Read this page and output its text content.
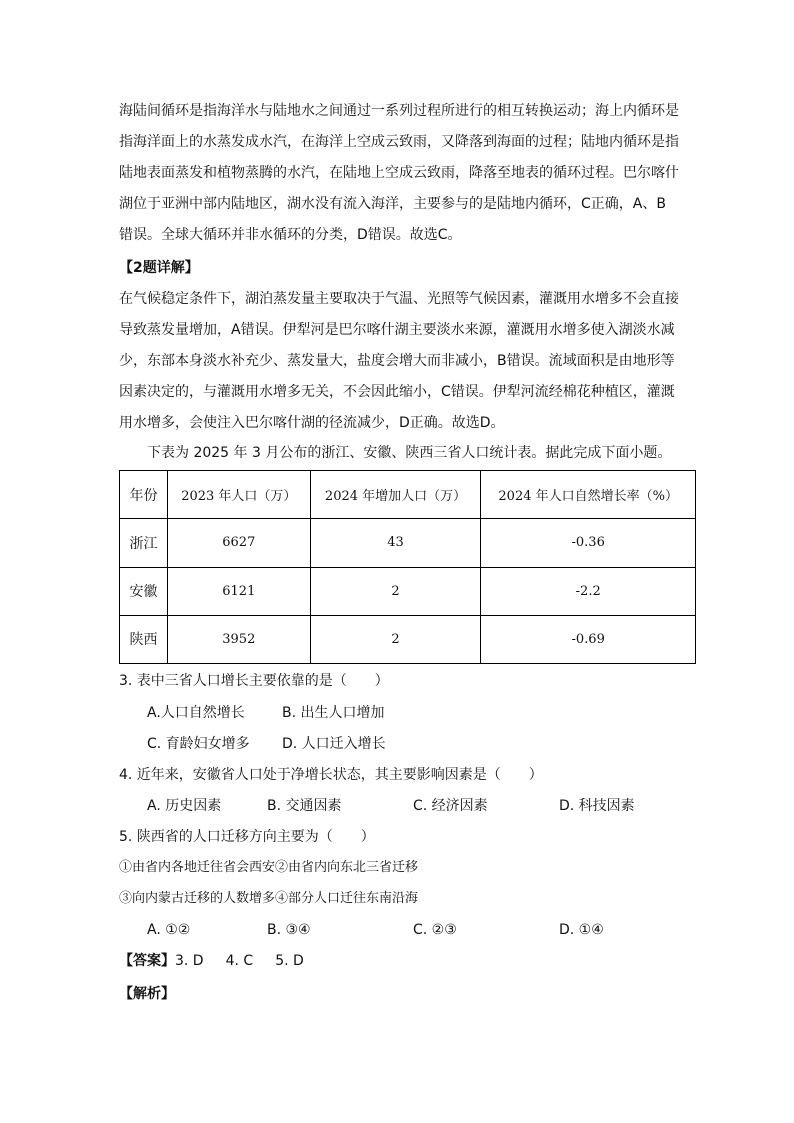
海陆间循环是指海洋水与陆地水之间通过一系列过程所进行的相互转换运动；海上内循环是指海洋面上的水蒸发成水汽，在海洋上空成云致雨，又降落到海面的过程；陆地内循环是指陆地表面蒸发和植物蒸腾的水汽，在陆地上空成云致雨，降落至地表的循环过程。巴尔喀什湖位于亚洲中部内陆地区，湖水没有流入海洋，主要参与的是陆地内循环，C正确，A、B错误。全球大循环并非水循环的分类，D错误。故选C。

【2题详解】

在气候稳定条件下，湖泊蒸发量主要取决于气温、光照等气候因素，灌溉用水增多不会直接导致蒸发量增加，A错误。伊犁河是巴尔喀什湖主要淡水来源，灌溉用水增多使入湖淡水减少，东部本身淡水补充少、蒸发量大，盐度会增大而非减小，B错误。流域面积是由地形等因素决定的，与灌溉用水增多无关，不会因此缩小，C错误。伊犁河流经棉花种植区，灌溉用水增多，会使注入巴尔喀什湖的径流减少，D正确。故选D。

下表为 2025 年 3 月公布的浙江、安徽、陕西三省人口统计表。据此完成下面小题。

年份	2023 年人口（万）	2024 年增加人口（万）	2024 年人口自然增长率（%）
浙江	6627	43	-0.36
安徽	6121	2	-2.2
陕西	3952	2	-0.69

3. 表中三省人口增长主要依靠的是（　　）

A.人口自然增长	B. 出生人口增加
C. 育龄妇女增多 D. 人口迁入增长

4. 近年来，安徽省人口处于净增长状态，其主要影响因素是（　　）

A. 历史因素	B. 交通因素	C. 经济因素	D. 科技因素

5. 陕西省的人口迁移方向主要为（　　）

①由省内各地迁往省会西安②由省内向东北三省迁移
③向内蒙古迁移的人数增多④部分人口迁往东南沿海
A. ①②	B. ③④	C. ②③	D. ①④
【答案】3. D 4. C 5. D
【解析】
